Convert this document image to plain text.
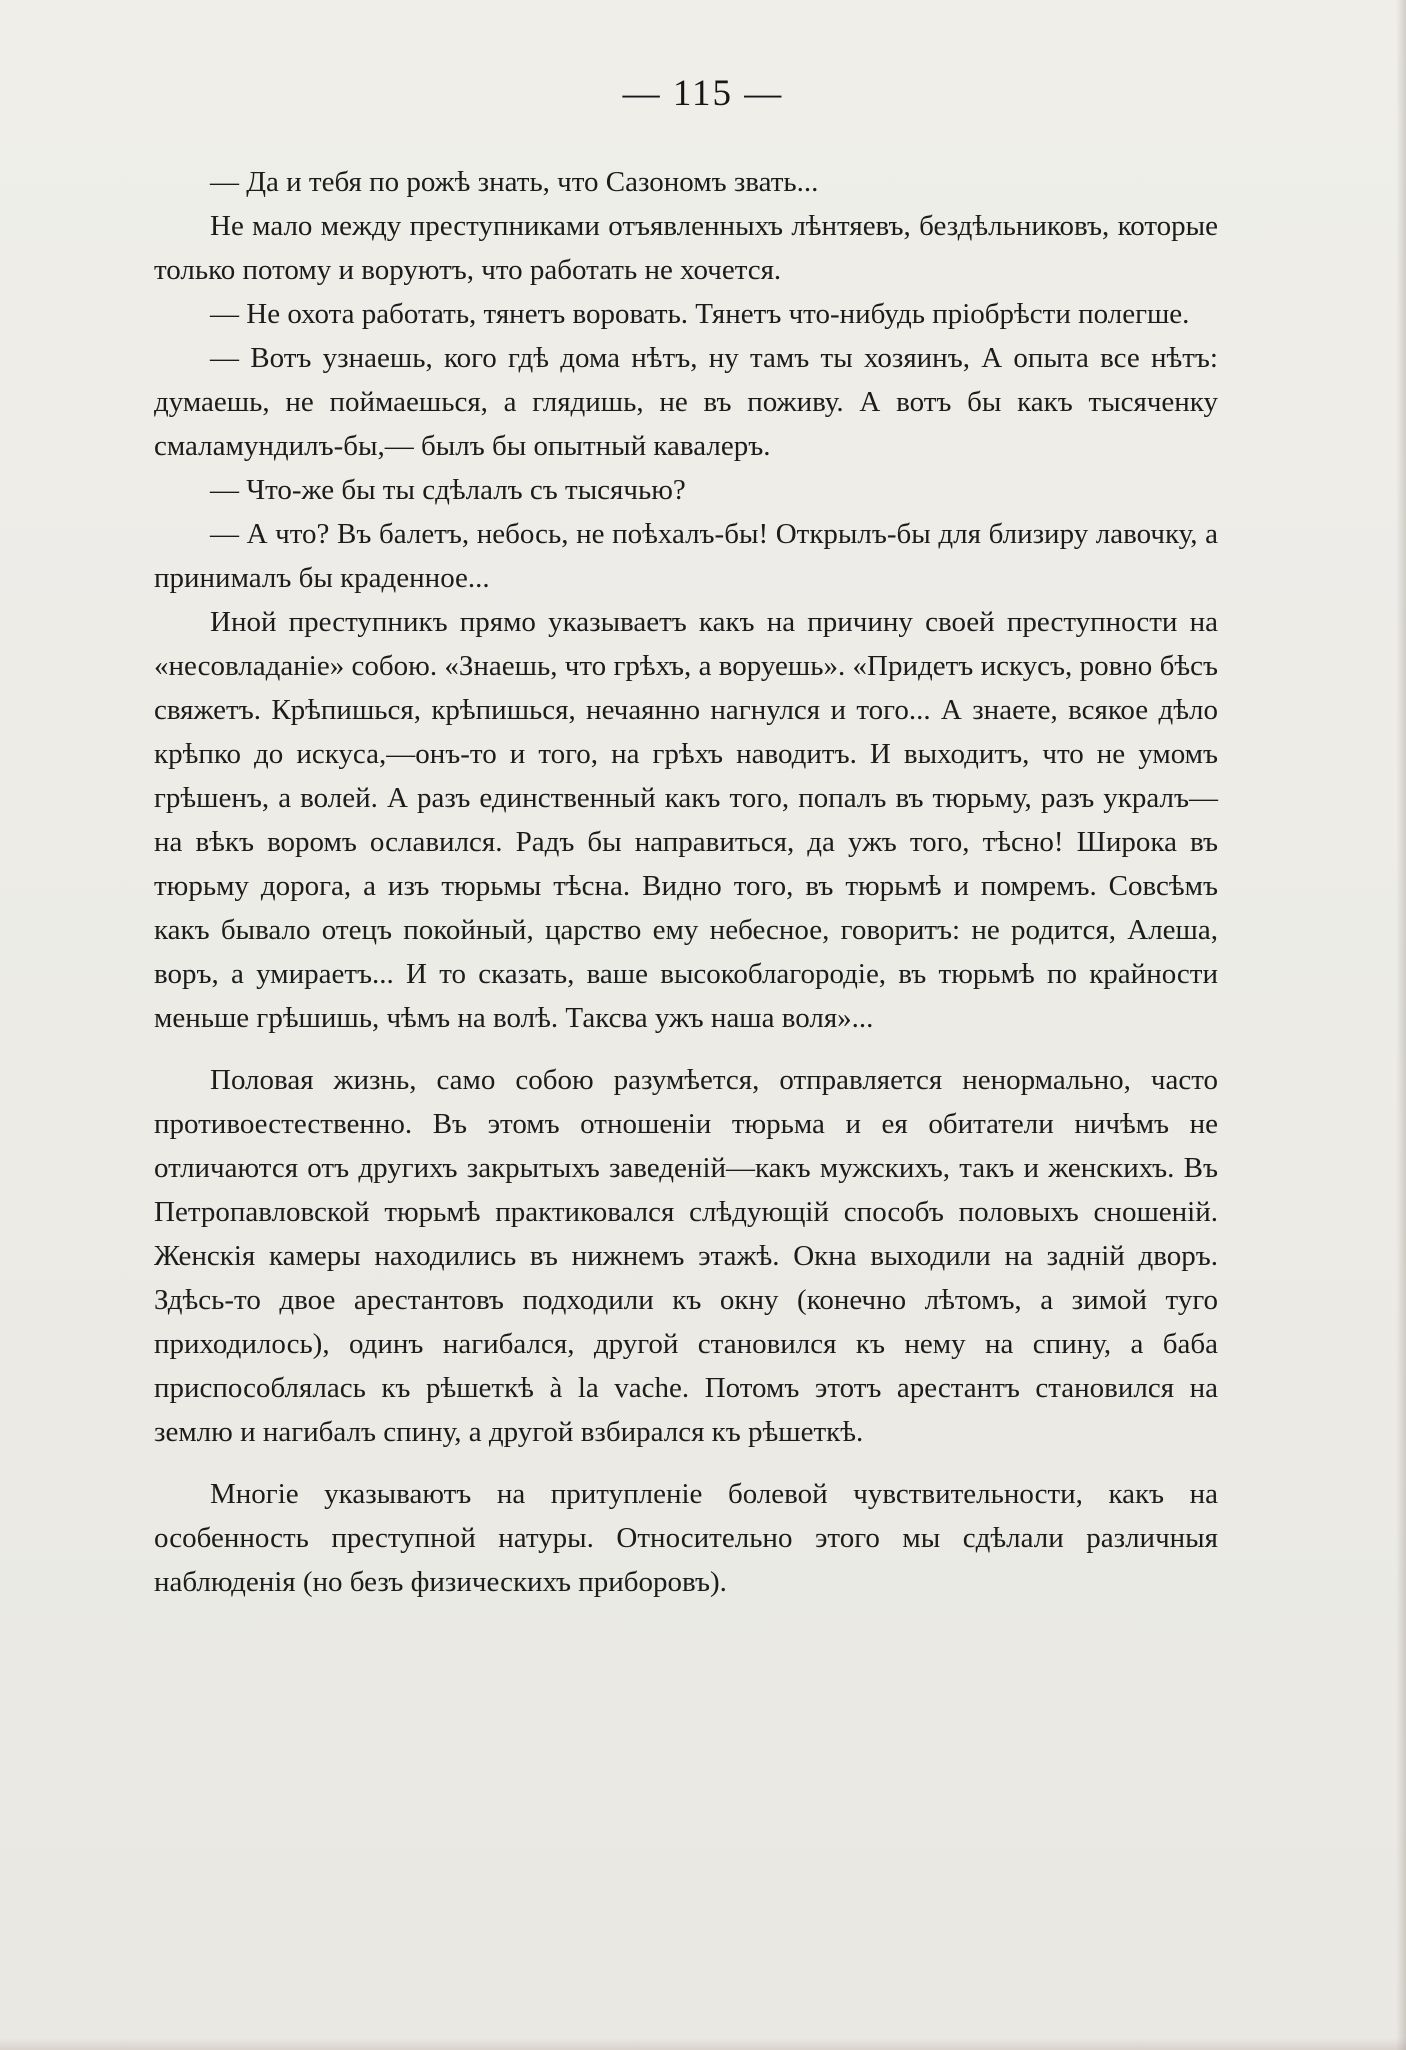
— 115 —

— Да и тебя по рожѣ знать, что Сазономъ звать...

Не мало между преступниками отъявленныхъ лѣнтяевъ, бездѣльниковъ, которые только потому и воруютъ, что работать не хочется.

— Не охота работать, тянетъ воровать. Тянетъ что-нибудь пріобрѣсти полегше.

— Вотъ узнаешь, кого гдѣ дома нѣтъ, ну тамъ ты хозяинъ, А опыта все нѣтъ: думаешь, не поймаешься, а глядишь, не въ поживу. А вотъ бы какъ тысяченку смаламундилъ-бы,— былъ бы опытный кавалеръ.

— Что-же бы ты сдѣлалъ съ тысячью?

— А что? Въ балетъ, небось, не поѣхалъ-бы! Открылъ-бы для близиру лавочку, а принималъ бы краденное...

Иной преступникъ прямо указываетъ какъ на причину своей преступности на «несовладаніе» собою. «Знаешь, что грѣхъ, а воруешь». «Придетъ искусъ, ровно бѣсъ свяжетъ. Крѣпишься, крѣпишься, нечаянно нагнулся и того... А знаете, всякое дѣло крѣпко до искуса,—онъ-то и того, на грѣхъ наводитъ. И выходитъ, что не умомъ грѣшенъ, а волей. А разъ единственный какъ того, попалъ въ тюрьму, разъ укралъ—на вѣкъ воромъ ославился. Радъ бы направиться, да ужъ того, тѣсно! Широка въ тюрьму дорога, а изъ тюрьмы тѣсна. Видно того, въ тюрьмѣ и помремъ. Совсѣмъ какъ бывало отецъ покойный, царство ему небесное, говоритъ: не родится, Алеша, воръ, а умираетъ... И то сказать, ваше высокоблагородіе, въ тюрьмѣ по крайности меньше грѣшишь, чѣмъ на волѣ. Таксва ужъ наша воля»...

Половая жизнь, само собою разумѣется, отправляется ненормально, часто противоестественно. Въ этомъ отношеніи тюрьма и ея обитатели ничѣмъ не отличаются отъ другихъ закрытыхъ заведеній—какъ мужскихъ, такъ и женскихъ. Въ Петропавловской тюрьмѣ практиковался слѣдующій способъ половыхъ сношеній. Женскія камеры находились въ нижнемъ этажѣ. Окна выходили на задній дворъ. Здѣсь-то двое арестантовъ подходили къ окну (конечно лѣтомъ, а зимой туго приходилось), одинъ нагибался, другой становился къ нему на спину, а баба приспособлялась къ рѣшеткѣ à la vache. Потомъ этотъ арестантъ становился на землю и нагибалъ спину, а другой взбирался къ рѣшеткѣ.

Многіе указываютъ на притупленіе болевой чувствительности, какъ на особенность преступной натуры. Относительно этого мы сдѣлали различныя наблюденія (но безъ физическихъ приборовъ).
